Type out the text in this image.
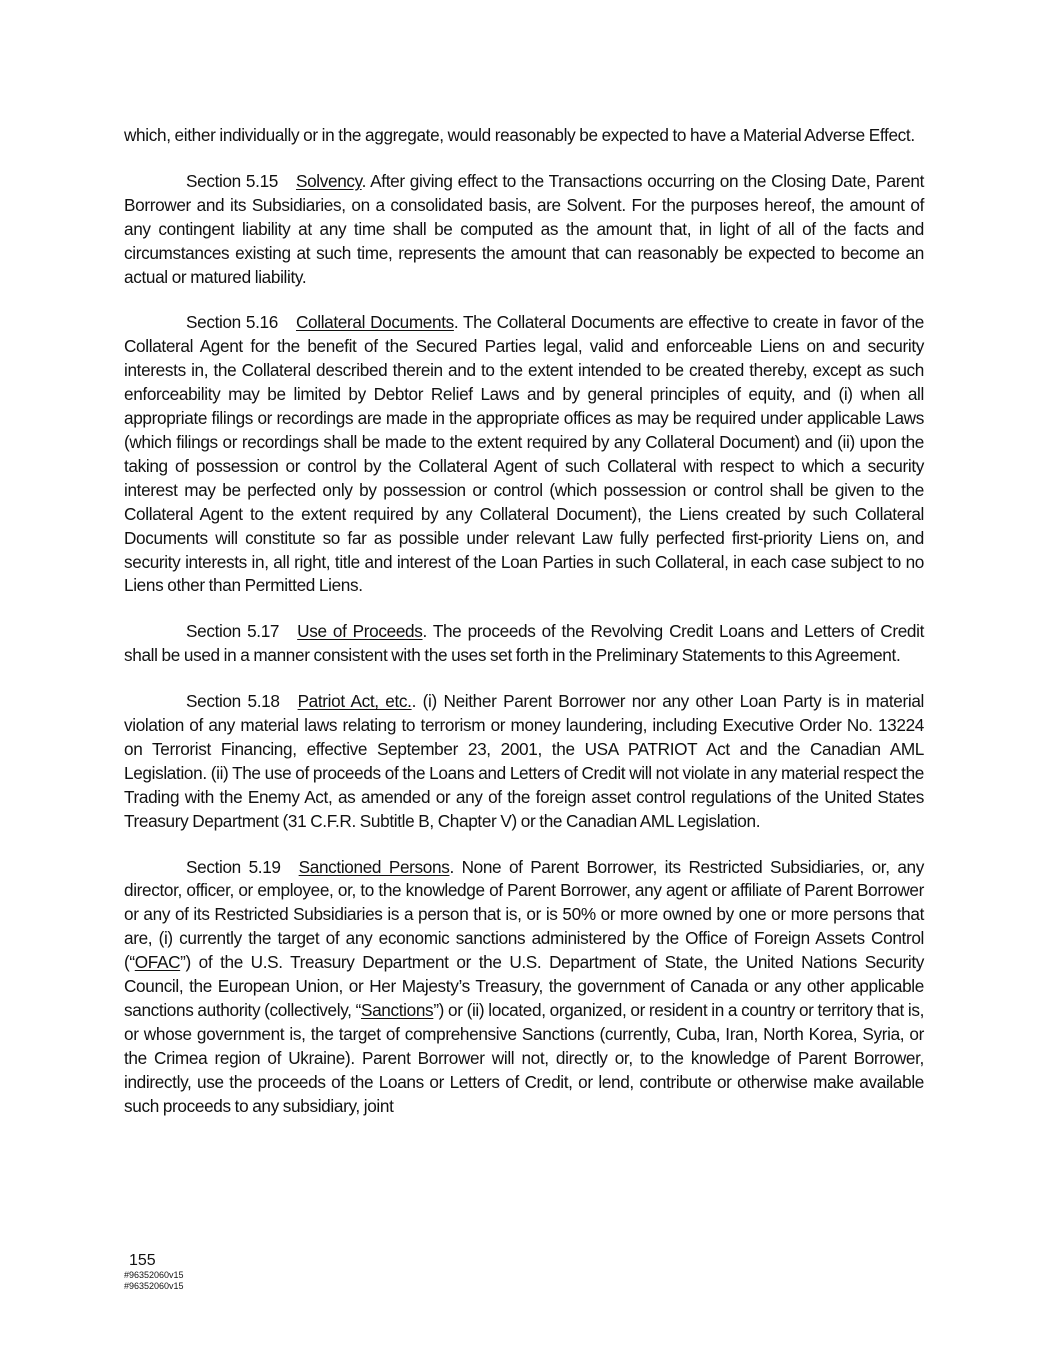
which, either individually or in the aggregate, would reasonably be expected to have a Material Adverse Effect.

Section 5.15 Solvency. After giving effect to the Transactions occurring on the Closing Date, Parent Borrower and its Subsidiaries, on a consolidated basis, are Solvent. For the purposes hereof, the amount of any contingent liability at any time shall be computed as the amount that, in light of all of the facts and circumstances existing at such time, represents the amount that can reasonably be expected to become an actual or matured liability.

Section 5.16 Collateral Documents. The Collateral Documents are effective to create in favor of the Collateral Agent for the benefit of the Secured Parties legal, valid and enforceable Liens on and security interests in, the Collateral described therein and to the extent intended to be created thereby, except as such enforceability may be limited by Debtor Relief Laws and by general principles of equity, and (i) when all appropriate filings or recordings are made in the appropriate offices as may be required under applicable Laws (which filings or recordings shall be made to the extent required by any Collateral Document) and (ii) upon the taking of possession or control by the Collateral Agent of such Collateral with respect to which a security interest may be perfected only by possession or control (which possession or control shall be given to the Collateral Agent to the extent required by any Collateral Document), the Liens created by such Collateral Documents will constitute so far as possible under relevant Law fully perfected first-priority Liens on, and security interests in, all right, title and interest of the Loan Parties in such Collateral, in each case subject to no Liens other than Permitted Liens.

Section 5.17 Use of Proceeds. The proceeds of the Revolving Credit Loans and Letters of Credit shall be used in a manner consistent with the uses set forth in the Preliminary Statements to this Agreement.

Section 5.18 Patriot Act, etc.. (i) Neither Parent Borrower nor any other Loan Party is in material violation of any material laws relating to terrorism or money laundering, including Executive Order No. 13224 on Terrorist Financing, effective September 23, 2001, the USA PATRIOT Act and the Canadian AML Legislation. (ii) The use of proceeds of the Loans and Letters of Credit will not violate in any material respect the Trading with the Enemy Act, as amended or any of the foreign asset control regulations of the United States Treasury Department (31 C.F.R. Subtitle B, Chapter V) or the Canadian AML Legislation.

Section 5.19 Sanctioned Persons. None of Parent Borrower, its Restricted Subsidiaries, or, any director, officer, or employee, or, to the knowledge of Parent Borrower, any agent or affiliate of Parent Borrower or any of its Restricted Subsidiaries is a person that is, or is 50% or more owned by one or more persons that are, (i) currently the target of any economic sanctions administered by the Office of Foreign Assets Control (“OFAC”) of the U.S. Treasury Department or the U.S. Department of State, the United Nations Security Council, the European Union, or Her Majesty’s Treasury, the government of Canada or any other applicable sanctions authority (collectively, “Sanctions”) or (ii) located, organized, or resident in a country or territory that is, or whose government is, the target of comprehensive Sanctions (currently, Cuba, Iran, North Korea, Syria, or the Crimea region of Ukraine). Parent Borrower will not, directly or, to the knowledge of Parent Borrower, indirectly, use the proceeds of the Loans or Letters of Credit, or lend, contribute or otherwise make available such proceeds to any subsidiary, joint

155
#96352060v15
#96352060v15
